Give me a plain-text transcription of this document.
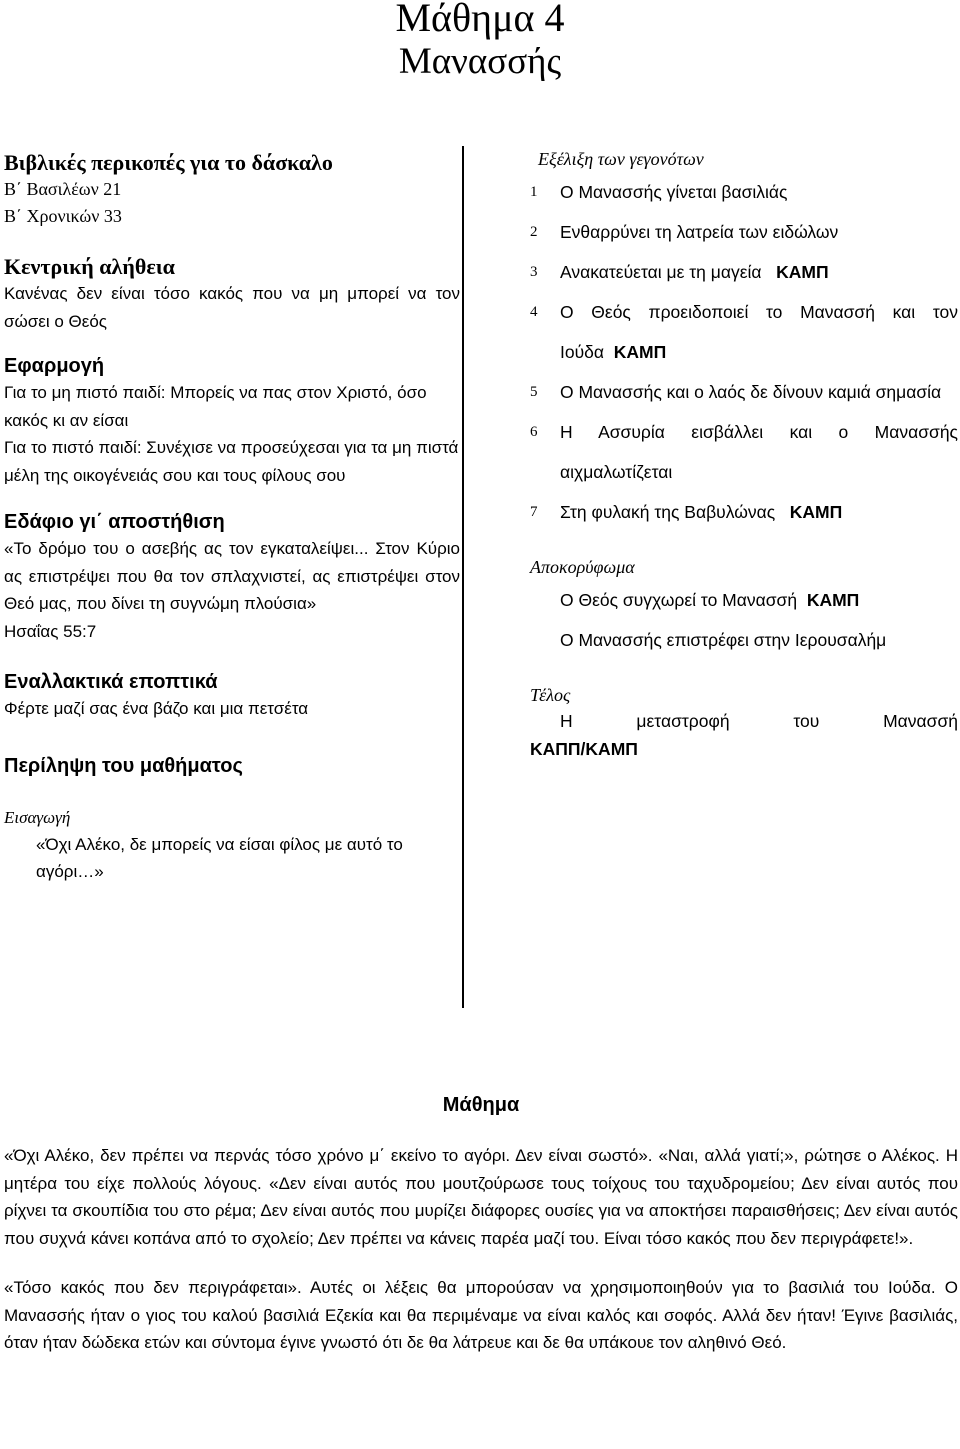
Μάθημα 4
Μανασσής
Βιβλικές περικοπές για το δάσκαλο
Β΄ Βασιλέων 21
Β΄ Χρονικών 33
Κεντρική αλήθεια
Κανένας δεν είναι τόσο κακός που να μη μπορεί να τον σώσει ο Θεός
Εφαρμογή
Για το μη πιστό παιδί: Μπορείς να πας στον Χριστό, όσο κακός κι αν είσαι
Για το πιστό παιδί: Συνέχισε να προσεύχεσαι για τα μη πιστά μέλη της οικογένειάς σου και τους φίλους σου
Εδάφιο γι΄ αποστήθιση
«Το δρόμο του ο ασεβής ας τον εγκαταλείψει... Στον Κύριο ας επιστρέψει που θα τον σπλαχνιστεί, ας επιστρέψει στον Θεό μας, που δίνει τη συγνώμη πλούσια»
Ησαΐας 55:7
Εναλλακτικά εποπτικά
Φέρτε μαζί σας ένα βάζο και μια πετσέτα
Περίληψη του μαθήματος
Εισαγωγή
«Όχι Αλέκο, δε μπορείς να είσαι φίλος με αυτό το αγόρι…»
Εξέλιξη των γεγονότων
1	Ο Μανασσής γίνεται βασιλιάς
2	Ενθαρρύνει τη λατρεία των ειδώλων
3	Ανακατεύεται με τη μαγεία ΚΑΜΠ
4	Ο Θεός προειδοποιεί το Μανασσή και τον Ιούδα ΚΑΜΠ
5	Ο Μανασσής και ο λαός δε δίνουν καμιά σημασία
6	Η Ασσυρία εισβάλλει και ο Μανασσής αιχμαλωτίζεται
7	Στη φυλακή της Βαβυλώνας ΚΑΜΠ
Αποκορύφωμα
Ο Θεός συγχωρεί το Μανασσή ΚΑΜΠ
Ο Μανασσής επιστρέφει στην Ιερουσαλήμ
Τέλος
Η μεταστροφή του Μανασσή
ΚΑΠΠ/ΚΑΜΠ
Μάθημα

«Όχι Αλέκο, δεν πρέπει να περνάς τόσο χρόνο μ΄ εκείνο το αγόρι. Δεν είναι σωστό». «Ναι, αλλά γιατί;», ρώτησε ο Αλέκος. Η μητέρα του είχε πολλούς λόγους. «Δεν είναι αυτός που μουτζούρωσε τους τοίχους του ταχυδρομείου; Δεν είναι αυτός που ρίχνει τα σκουπίδια του στο ρέμα; Δεν είναι αυτός που μυρίζει διάφορες ουσίες για να αποκτήσει παραισθήσεις; Δεν είναι αυτός που συχνά κάνει κοπάνα από το σχολείο; Δεν πρέπει να κάνεις παρέα μαζί του. Είναι τόσο κακός που δεν περιγράφετε!».

«Τόσο κακός που δεν περιγράφεται». Αυτές οι λέξεις θα μπορούσαν να χρησιμοποιηθούν για το βασιλιά του Ιούδα. Ο Μανασσής ήταν ο γιος του καλού βασιλιά Εζεκία και θα περιμέναμε να είναι καλός και σοφός. Αλλά δεν ήταν! Έγινε βασιλιάς, όταν ήταν δώδεκα ετών και σύντομα έγινε γνωστό ότι δε θα λάτρευε και δε θα υπάκουε τον αληθινό Θεό.
